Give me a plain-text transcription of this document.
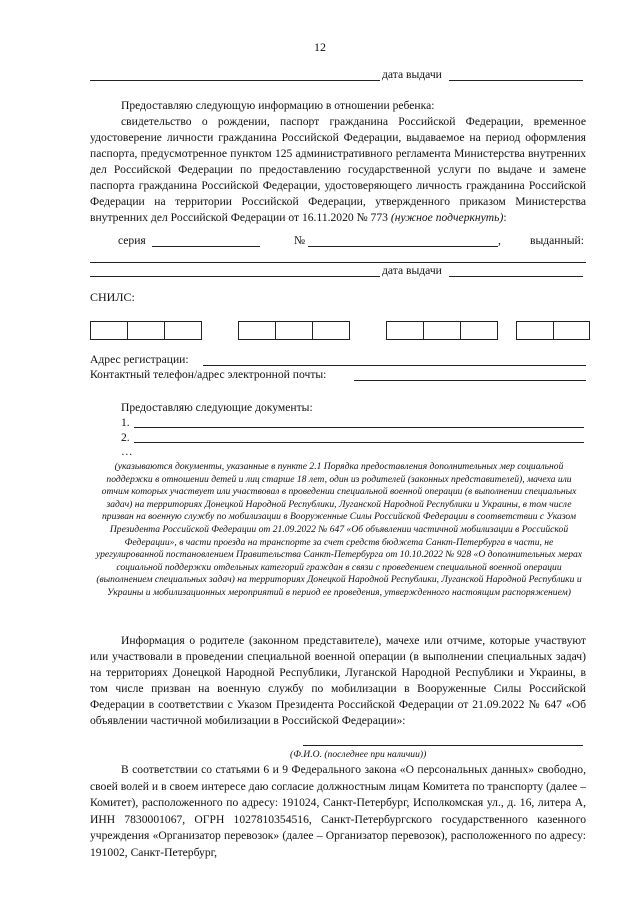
12
дата выдачи
Предоставляю следующую информацию в отношении ребенка:
свидетельство о рождении, паспорт гражданина Российской Федерации, временное удостоверение личности гражданина Российской Федерации, выдаваемое на период оформления паспорта, предусмотренное пунктом 125 административного регламента Министерства внутренних дел Российской Федерации по предоставлению государственной услуги по выдаче и замене паспорта гражданина Российской Федерации, удостоверяющего личность гражданина Российской Федерации на территории Российской Федерации, утвержденного приказом Министерства внутренних дел Российской Федерации от 16.11.2020 № 773 (нужное подчеркнуть):
серия	№	,	выданный:
дата выдачи
СНИЛС:
Адрес регистрации:
Контактный телефон/адрес электронной почты:
Предоставляю следующие документы:
1.
2.
…
(указываются документы, указанные в пункте 2.1 Порядка предоставления дополнительных мер социальной поддержки в отношении детей и лиц старше 18 лет, один из родителей (законных представителей), мачеха или отчим которых участвует или участвовал в проведении специальной военной операции (в выполнении специальных задач) на территориях Донецкой Народной Республики, Луганской Народной Республики и Украины, в том числе призван на военную службу по мобилизации в Вооруженные Силы Российской Федерации в соответствии с Указом Президента Российской Федерации от 21.09.2022 № 647 «Об объявлении частичной мобилизации в Российской Федерации», в части проезда на транспорте за счет средств бюджета Санкт-Петербурга в части, не урегулированной постановлением Правительства Санкт-Петербурга от 10.10.2022 № 928 «О дополнительных мерах социальной поддержки отдельных категорий граждан в связи с проведением специальной военной операции (выполнением специальных задач) на территориях Донецкой Народной Республики, Луганской Народной Республики и Украины и мобилизационных мероприятий в период ее проведения, утвержденного настоящим распоряжением)
Информация о родителе (законном представителе), мачехе или отчиме, которые участвуют или участвовали в проведении специальной военной операции (в выполнении специальных задач) на территориях Донецкой Народной Республики, Луганской Народной Республики и Украины, в том числе призван на военную службу по мобилизации в Вооруженные Силы Российской Федерации в соответствии с Указом Президента Российской Федерации от 21.09.2022 № 647 «Об объявлении частичной мобилизации в Российской Федерации»:
(Ф.И.О. (последнее при наличии))
В соответствии со статьями 6 и 9 Федерального закона «О персональных данных» свободно, своей волей и в своем интересе даю согласие должностным лицам Комитета по транспорту (далее – Комитет), расположенного по адресу: 191024, Санкт-Петербург, Исполкомская ул., д. 16, литера А, ИНН 7830001067, ОГРН 1027810354516, Санкт-Петербургского государственного казенного учреждения «Организатор перевозок» (далее – Организатор перевозок), расположенного по адресу: 191002, Санкт-Петербург,
